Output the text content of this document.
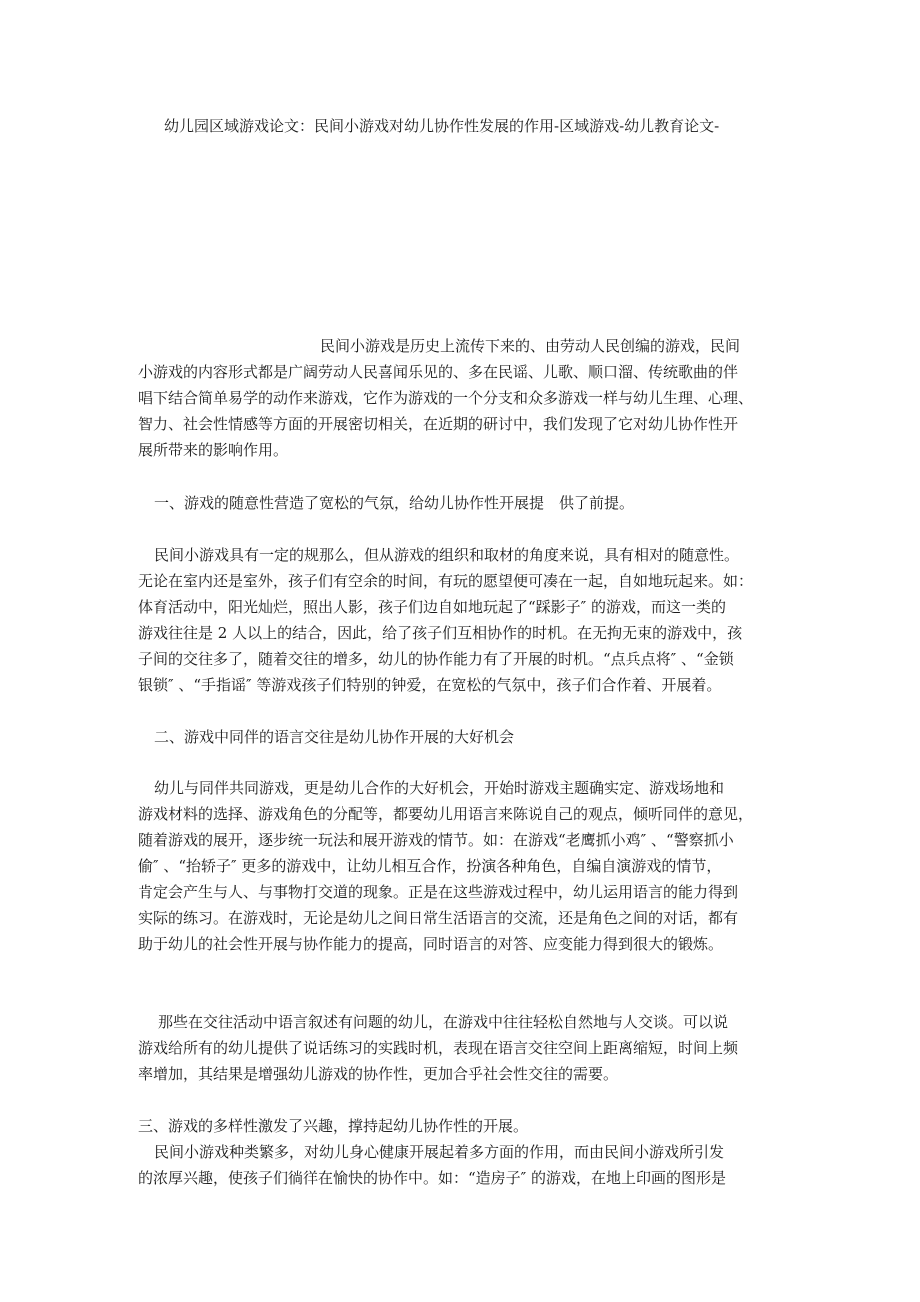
幼儿园区域游戏论文：民间小游戏对幼儿协作性发展的作用-区域游戏-幼儿教育论文-
民间小游戏是历史上流传下来的、由劳动人民创编的游戏，民间
小游戏的内容形式都是广阔劳动人民喜闻乐见的、多在民谣、儿歌、顺口溜、传统歌曲的伴
唱下结合简单易学的动作来游戏，它作为游戏的一个分支和众多游戏一样与幼儿生理、心理、
智力、社会性情感等方面的开展密切相关，在近期的研讨中，我们发现了它对幼儿协作性开
展所带来的影响作用。
一、游戏的随意性营造了宽松的气氛，给幼儿协作性开展提　供了前提。
民间小游戏具有一定的规那么，但从游戏的组织和取材的角度来说，具有相对的随意性。
无论在室内还是室外，孩子们有空余的时间，有玩的愿望便可凑在一起，自如地玩起来。如：
体育活动中，阳光灿烂，照出人影，孩子们边自如地玩起了“踩影子″ 的游戏，而这一类的
游戏往往是 2 人以上的结合，因此，给了孩子们互相协作的时机。在无拘无束的游戏中，孩
子间的交往多了，随着交往的增多，幼儿的协作能力有了开展的时机。“点兵点将″ 、“金锁
银锁″ 、“手指谣″ 等游戏孩子们特别的钟爱，在宽松的气氛中，孩子们合作着、开展着。
二、游戏中同伴的语言交往是幼儿协作开展的大好机会
幼儿与同伴共同游戏，更是幼儿合作的大好机会，开始时游戏主题确实定、游戏场地和
游戏材料的选择、游戏角色的分配等，都要幼儿用语言来陈说自己的观点，倾听同伴的意见，
随着游戏的展开，逐步统一玩法和展开游戏的情节。如：在游戏“老鹰抓小鸡″ 、“警察抓小
偷″ 、“抬轿子″ 更多的游戏中，让幼儿相互合作，扮演各种角色，自编自演游戏的情节，
肯定会产生与人、与事物打交道的现象。正是在这些游戏过程中，幼儿运用语言的能力得到
实际的练习。在游戏时，无论是幼儿之间日常生活语言的交流，还是角色之间的对话，都有
助于幼儿的社会性开展与协作能力的提高，同时语言的对答、应变能力得到很大的锻炼。
那些在交往活动中语言叙述有问题的幼儿，在游戏中往往轻松自然地与人交谈。可以说
游戏给所有的幼儿提供了说话练习的实践时机，表现在语言交往空间上距离缩短，时间上频
率增加，其结果是增强幼儿游戏的协作性，更加合乎社会性交往的需要。
三、游戏的多样性激发了兴趣，撑持起幼儿协作性的开展。
民间小游戏种类繁多，对幼儿身心健康开展起着多方面的作用，而由民间小游戏所引发
的浓厚兴趣，使孩子们徜徉在愉快的协作中。如：“造房子″ 的游戏，在地上印画的图形是
